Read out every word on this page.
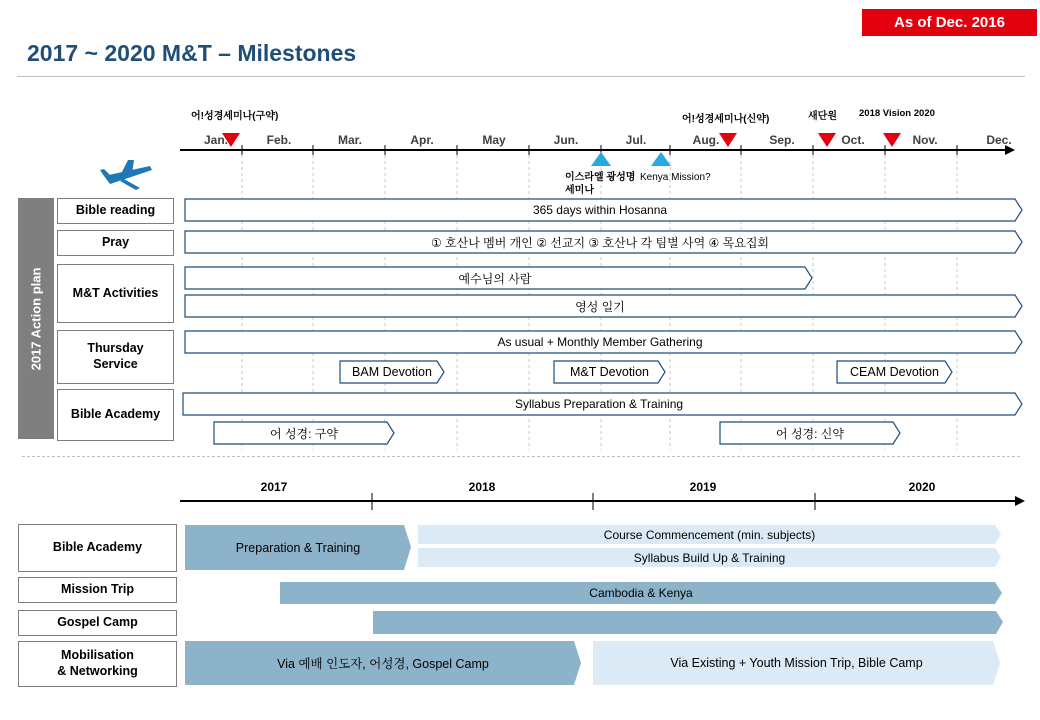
As of Dec. 2016
2017 ~ 2020 M&T – Milestones
어!성경세미나(구약)	어!성경세미나(신약)	새단원 2018 Vision 2020
이스라엘 광성명
세미나
Kenya Mission?
Jan.	Feb.	Mar.	Apr.	May	Jun.	Jul.	Aug.	Sep.	Oct.	Nov.	Dec.
2017 Action plan
Bible reading
Pray
M&T Activities
Thursday
Service
Bible Academy
365 days within Hosanna
① 호산나 멤버 개인 ② 선교지 ③ 호산나 각 팀별 사역 ④ 목요집회
예수님의 사람
영성 일기
As usual + Monthly Member Gathering
BAM Devotion	M&T Devotion	CEAM Devotion
Syllabus Preparation & Training
어 성경: 구약	어 성경: 신약
2017	2018	2019	2020
Bible Academy
Mission Trip
Gospel Camp
Mobilisation
& Networking
Preparation & Training
Course Commencement (min. subjects)
Syllabus Build Up & Training
Cambodia & Kenya
Via 예배 인도자, 어성경, Gospel Camp	Via Existing + Youth Mission Trip, Bible Camp
